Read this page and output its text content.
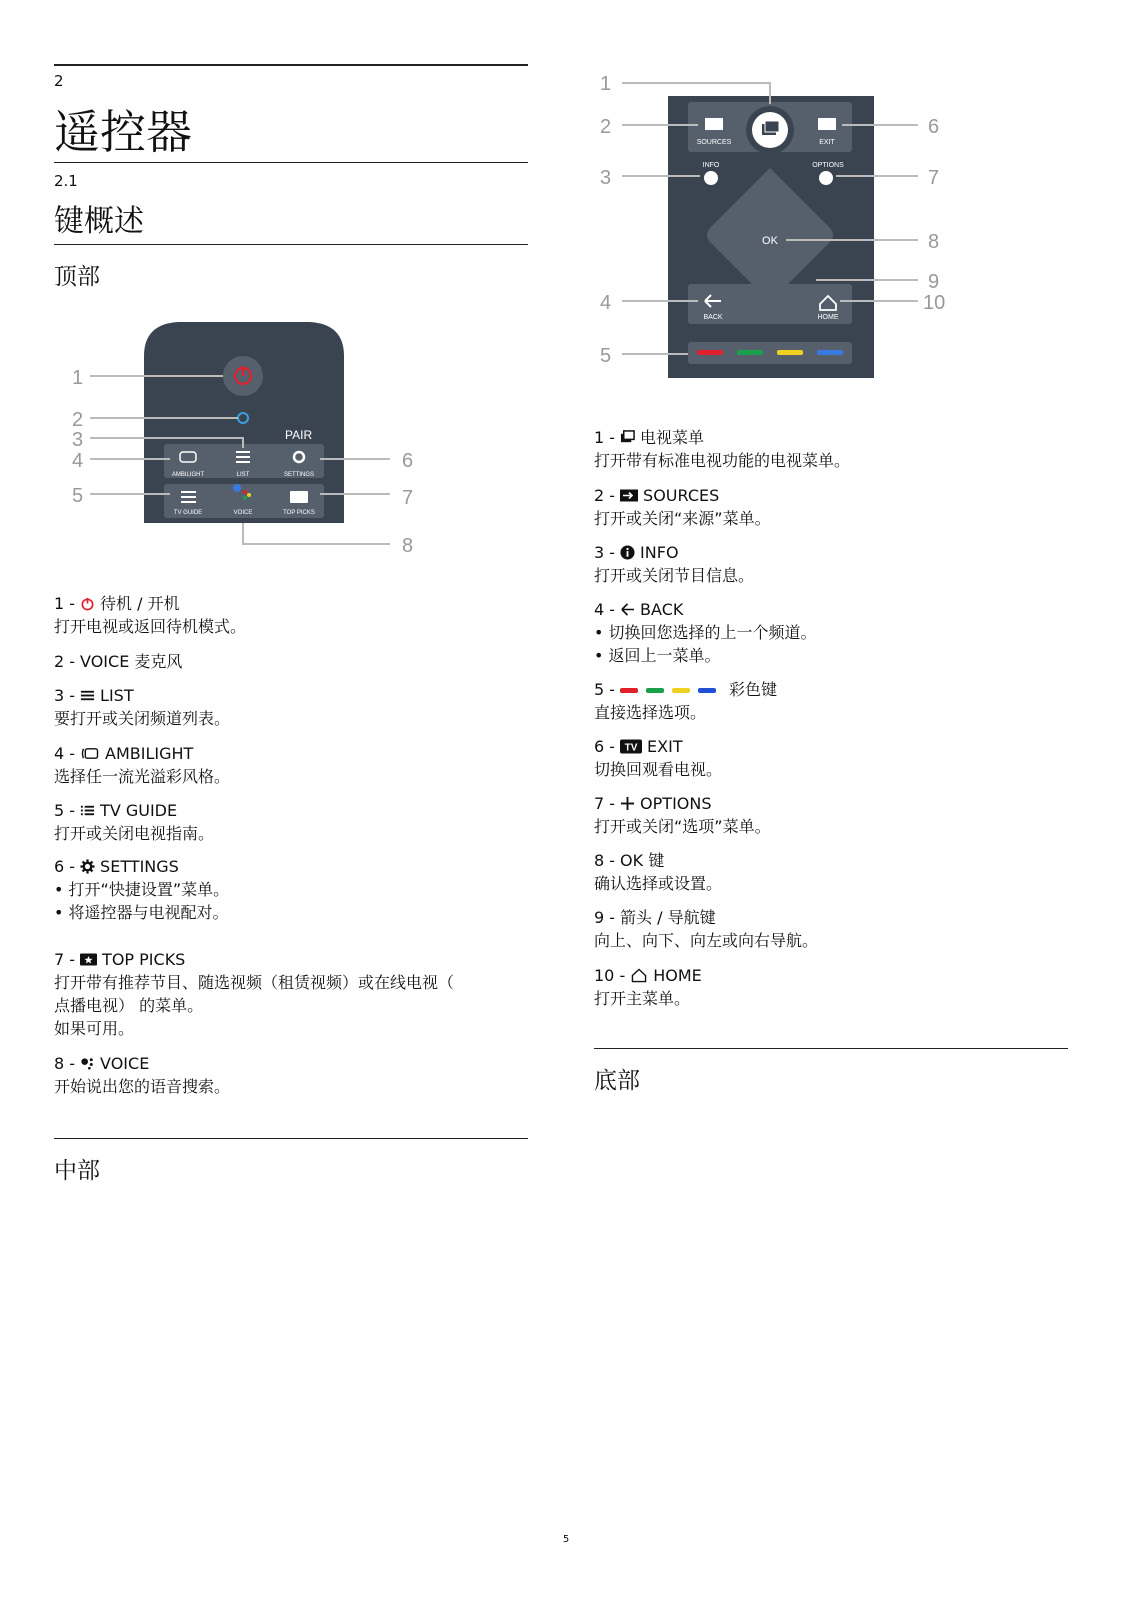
2
遥控器
2.1
键概述
顶部
PAIR
AMBILIGHT	LIST	SETTINGS
TV GUIDE	VOICE	TOP PICKS
1
2
3
4
5
6
7
8
1 - 待机 / 开机

打开电视或返回待机模式。

2 - VOICE 麦克风
3 - LIST

要打开或关闭频道列表。

4 - AMBILIGHT

选择任一流光溢彩风格。

5 - TV GUIDE

打开或关闭电视指南。

6 - SETTINGS

• 打开“快捷设置”菜单。

• 将遥控器与电视配对。

7 - TOP PICKS

打开带有推荐节目、随选视频（租赁视频）或在线电视（

点播电视） 的菜单。

如果可用。

8 - VOICE

开始说出您的语音搜索。

中部
SOURCES	EXIT
INFO	OPTIONS
OK
BACK	HOME
1
2
3
4
5
6
7
8
9
10
1 - 电视菜单

打开带有标准电视功能的电视菜单。

2 - SOURCES

打开或关闭“来源”菜单。

3 - INFO

打开或关闭节目信息。

4 - BACK

• 切换回您选择的上一个频道。

• 返回上一菜单。

5 -	彩色键

直接选择选项。

6 - TV EXIT

切换回观看电视。

7 - OPTIONS

打开或关闭“选项”菜单。

8 - OK 键

确认选择或设置。

9 - 箭头 / 导航键

向上、向下、向左或向右导航。

10 - HOME

打开主菜单。

底部
5
